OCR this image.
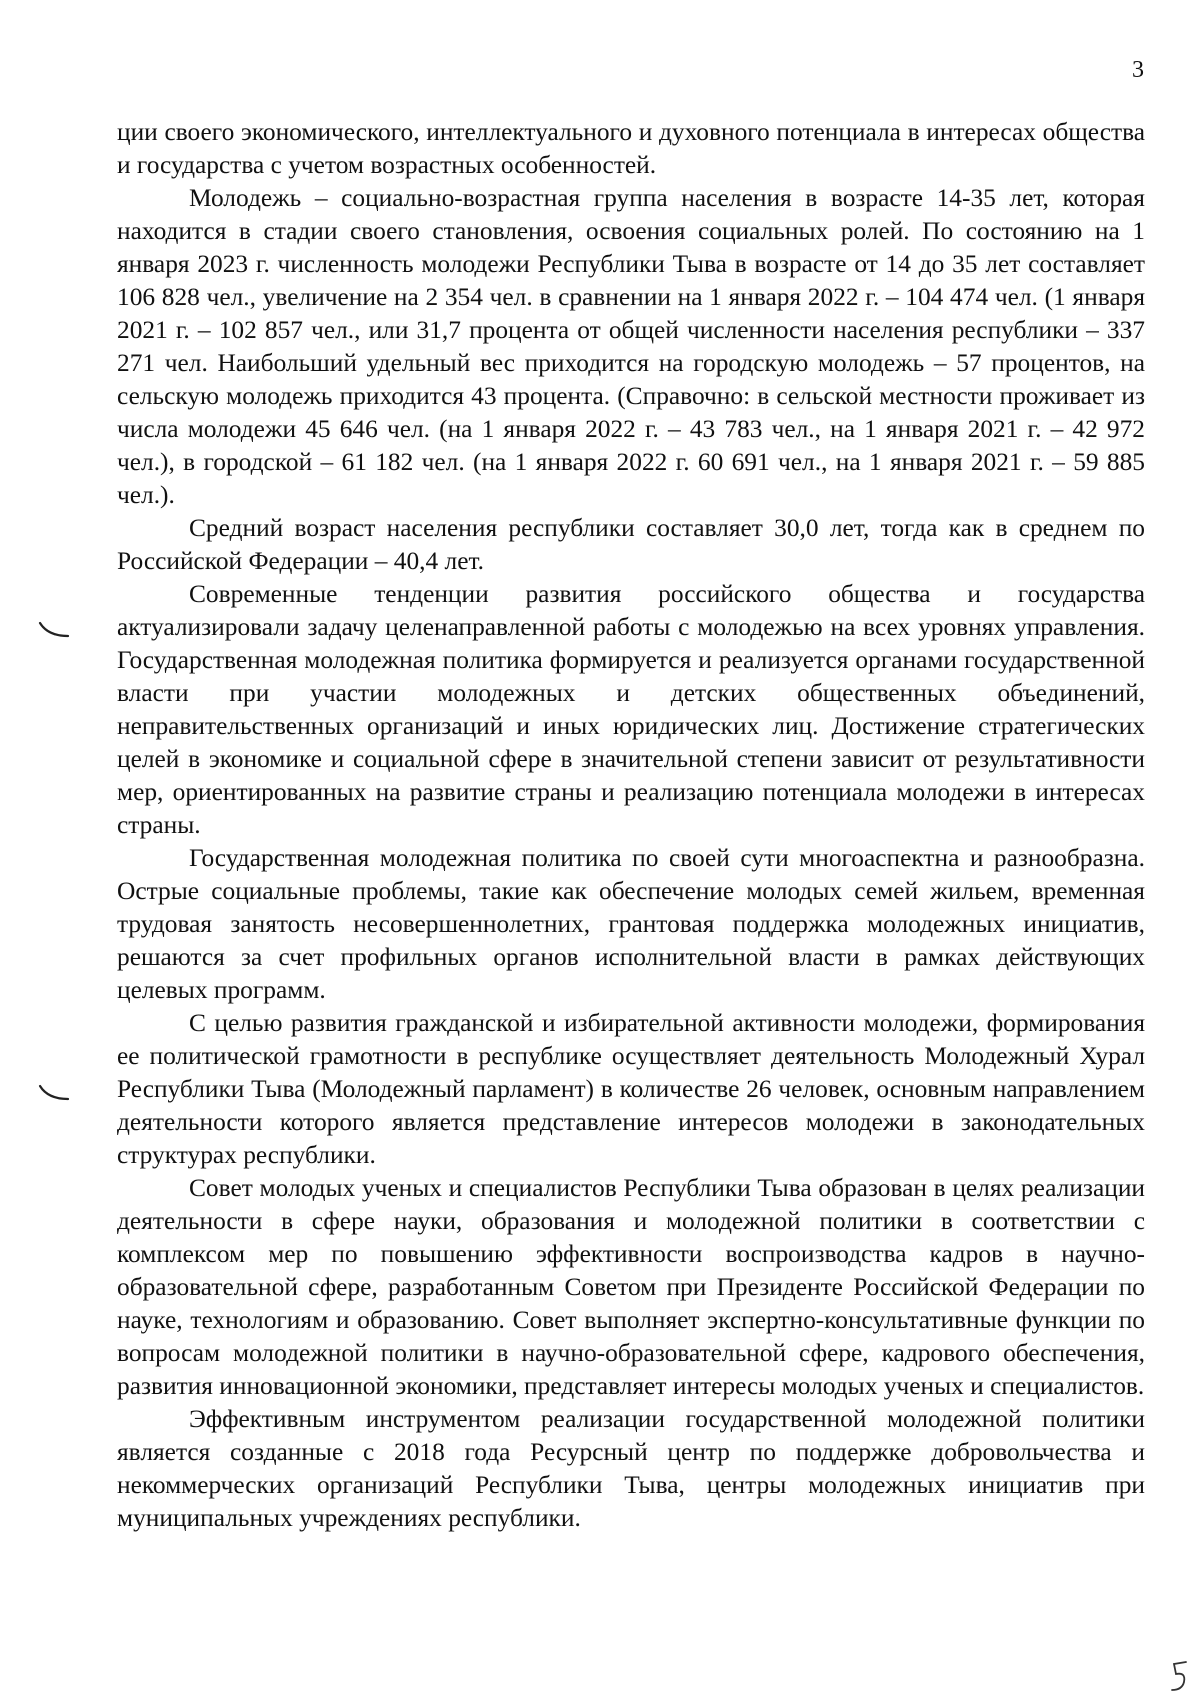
3

ции своего экономического, интеллектуального и духовного потенциала в интересах общества и государства с учетом возрастных особенностей.

Молодежь – социально-возрастная группа населения в возрасте 14-35 лет, которая находится в стадии своего становления, освоения социальных ролей. По состоянию на 1 января 2023 г. численность молодежи Республики Тыва в возрасте от 14 до 35 лет составляет 106 828 чел., увеличение на 2 354 чел. в сравнении на 1 января 2022 г. – 104 474 чел. (1 января 2021 г. – 102 857 чел., или 31,7 процента от общей численности населения республики – 337 271 чел. Наибольший удельный вес приходится на городскую молодежь – 57 процентов, на сельскую молодежь приходится 43 процента. (Справочно: в сельской местности проживает из числа молодежи 45 646 чел. (на 1 января 2022 г. – 43 783 чел., на 1 января 2021 г. – 42 972 чел.), в городской – 61 182 чел. (на 1 января 2022 г. 60 691 чел., на 1 января 2021 г. – 59 885 чел.).

Средний возраст населения республики составляет 30,0 лет, тогда как в среднем по Российской Федерации – 40,4 лет.

Современные тенденции развития российского общества и государства актуализировали задачу целенаправленной работы с молодежью на всех уровнях управления. Государственная молодежная политика формируется и реализуется органами государственной власти при участии молодежных и детских общественных объединений, неправительственных организаций и иных юридических лиц. Достижение стратегических целей в экономике и социальной сфере в значительной степени зависит от результативности мер, ориентированных на развитие страны и реализацию потенциала молодежи в интересах страны.

Государственная молодежная политика по своей сути многоаспектна и разнообразна. Острые социальные проблемы, такие как обеспечение молодых семей жильем, временная трудовая занятость несовершеннолетних, грантовая поддержка молодежных инициатив, решаются за счет профильных органов исполнительной власти в рамках действующих целевых программ.

С целью развития гражданской и избирательной активности молодежи, формирования ее политической грамотности в республике осуществляет деятельность Молодежный Хурал Республики Тыва (Молодежный парламент) в количестве 26 человек, основным направлением деятельности которого является представление интересов молодежи в законодательных структурах республики.

Совет молодых ученых и специалистов Республики Тыва образован в целях реализации деятельности в сфере науки, образования и молодежной политики в соответствии с комплексом мер по повышению эффективности воспроизводства кадров в научно-образовательной сфере, разработанным Советом при Президенте Российской Федерации по науке, технологиям и образованию. Совет выполняет экспертно-консультативные функции по вопросам молодежной политики в научно-образовательной сфере, кадрового обеспечения, развития инновационной экономики, представляет интересы молодых ученых и специалистов.

Эффективным инструментом реализации государственной молодежной политики является созданные с 2018 года Ресурсный центр по поддержке добровольчества и некоммерческих организаций Республики Тыва, центры молодежных инициатив при муниципальных учреждениях республики.
